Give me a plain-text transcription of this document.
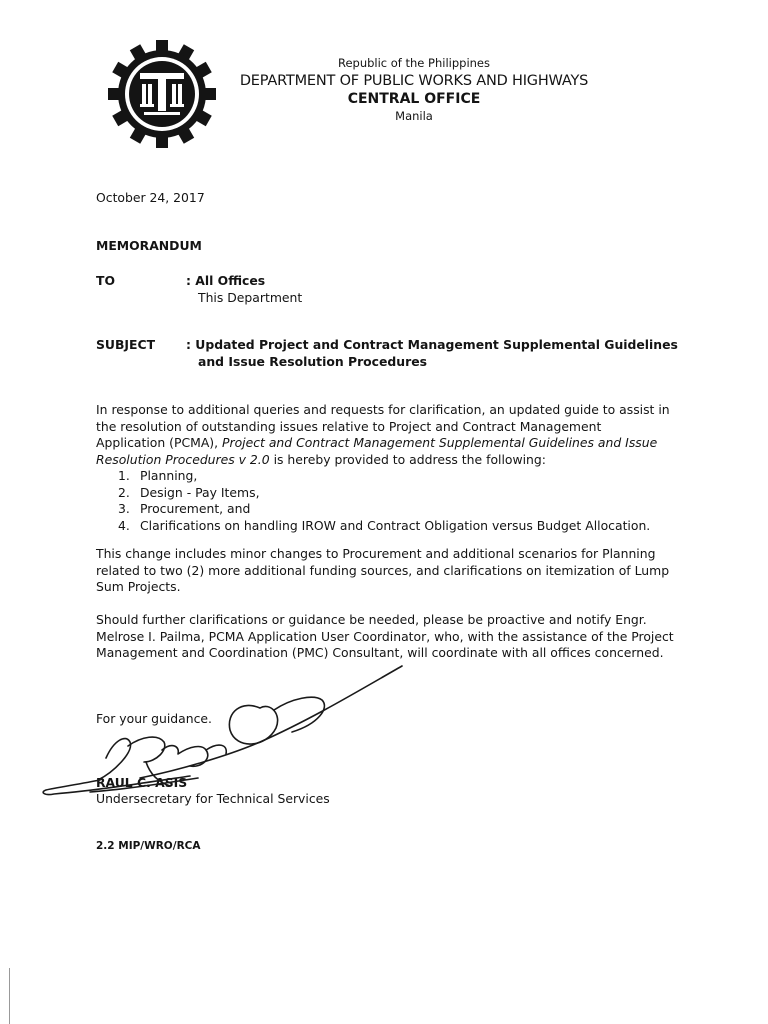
Republic of the Philippines
DEPARTMENT OF PUBLIC WORKS AND HIGHWAYS
CENTRAL OFFICE
Manila
October 24, 2017
MEMORANDUM
TO	: All Offices
This Department
SUBJECT : Updated Project and Contract Management Supplemental Guidelines
and Issue Resolution Procedures
In response to additional queries and requests for clarification, an updated guide to assist in the resolution of outstanding issues relative to Project and Contract Management Application (PCMA), Project and Contract Management Supplemental Guidelines and Issue Resolution Procedures v 2.0 is hereby provided to address the following:
1. Planning,
2. Design - Pay Items,
3. Procurement, and
4. Clarifications on handling IROW and Contract Obligation versus Budget Allocation.
This change includes minor changes to Procurement and additional scenarios for Planning related to two (2) more additional funding sources, and clarifications on itemization of Lump Sum Projects.
Should further clarifications or guidance be needed, please be proactive and notify Engr. Melrose I. Pailma, PCMA Application User Coordinator, who, with the assistance of the Project Management and Coordination (PMC) Consultant, will coordinate with all offices concerned.
For your guidance.
RAUL C. ASIS
Undersecretary for Technical Services
2.2 MIP/WRO/RCA
